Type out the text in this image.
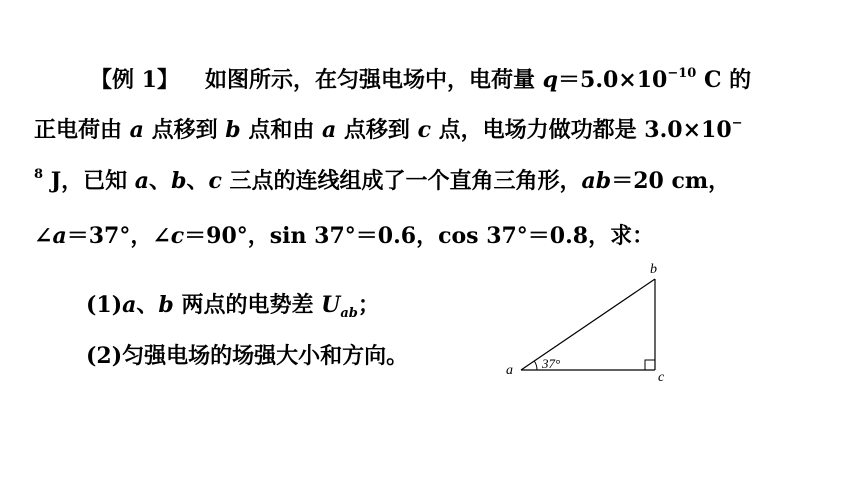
【例 1】 如图所示，在匀强电场中，电荷量 $q=5.0\times 10^{-10}$ C 的
正电荷由 a 点移到 b 点和由 a 点移到 c 点，电场力做功都是 3.0×10−
$^8$ J，已知 a、b、c 三点的连线组成了一个直角三角形，ab＝20 cm，
∠a＝37°，∠c＝90°，sin 37°＝0.6，cos 37°＝0.8，求：
(1)a、b 两点的电势差 $U_{ab}$；
(2)匀强电场的场强大小和方向。	37°
a
b
c
